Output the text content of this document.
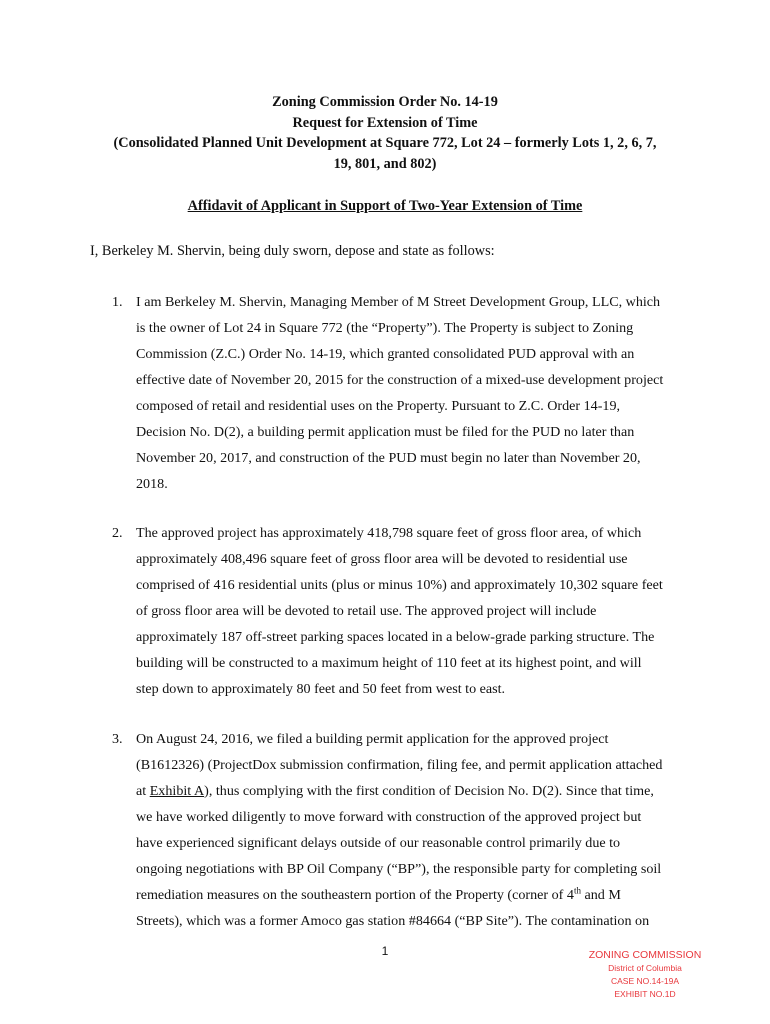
Zoning Commission Order No. 14-19
Request for Extension of Time
(Consolidated Planned Unit Development at Square 772, Lot 24 – formerly Lots 1, 2, 6, 7,
19, 801, and 802)
Affidavit of Applicant in Support of Two-Year Extension of Time
I, Berkeley M. Shervin, being duly sworn, depose and state as follows:
1. I am Berkeley M. Shervin, Managing Member of M Street Development Group, LLC, which is the owner of Lot 24 in Square 772 (the “Property”). The Property is subject to Zoning Commission (Z.C.) Order No. 14-19, which granted consolidated PUD approval with an effective date of November 20, 2015 for the construction of a mixed-use development project composed of retail and residential uses on the Property. Pursuant to Z.C. Order 14-19, Decision No. D(2), a building permit application must be filed for the PUD no later than November 20, 2017, and construction of the PUD must begin no later than November 20, 2018.
2. The approved project has approximately 418,798 square feet of gross floor area, of which approximately 408,496 square feet of gross floor area will be devoted to residential use comprised of 416 residential units (plus or minus 10%) and approximately 10,302 square feet of gross floor area will be devoted to retail use. The approved project will include approximately 187 off-street parking spaces located in a below-grade parking structure. The building will be constructed to a maximum height of 110 feet at its highest point, and will step down to approximately 80 feet and 50 feet from west to east.
3. On August 24, 2016, we filed a building permit application for the approved project (B1612326) (ProjectDox submission confirmation, filing fee, and permit application attached at Exhibit A), thus complying with the first condition of Decision No. D(2). Since that time, we have worked diligently to move forward with construction of the approved project but have experienced significant delays outside of our reasonable control primarily due to ongoing negotiations with BP Oil Company (“BP”), the responsible party for completing soil remediation measures on the southeastern portion of the Property (corner of 4th and M Streets), which was a former Amoco gas station #84664 (“BP Site”). The contamination on
1	ZONING COMMISSION
District of Columbia
CASE NO.14-19A
EXHIBIT NO.1D
